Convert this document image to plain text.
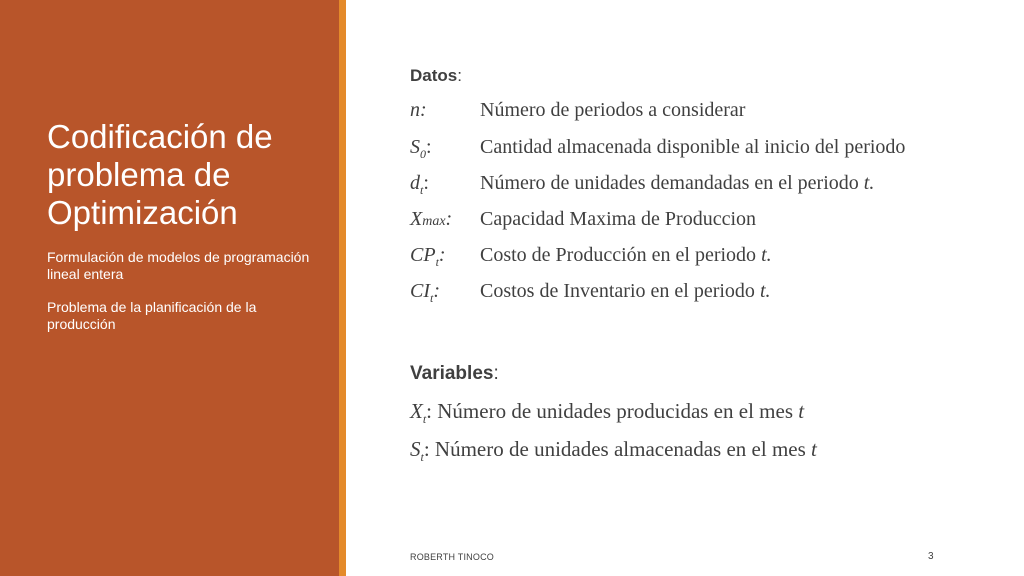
Codificación de problema de Optimización
Formulación de modelos de programación lineal entera
Problema de la planificación de la producción
Datos:
n:	Número de periodos a considerar
$S_0$: Cantidad almacenada disponible al inicio del periodo
$d_t$:	Número de unidades demandadas en el periodo t.
Xmax: Capacidad Maxima de Produccion
$CP_t$: Costo de Producción en el periodo t.
$CI_t$: Costos de Inventario en el periodo t.
Variables:
$X_t$: Número de unidades producidas en el mes t
$S_t$: Número de unidades almacenadas en el mes t
ROBERTH TINOCO	3
